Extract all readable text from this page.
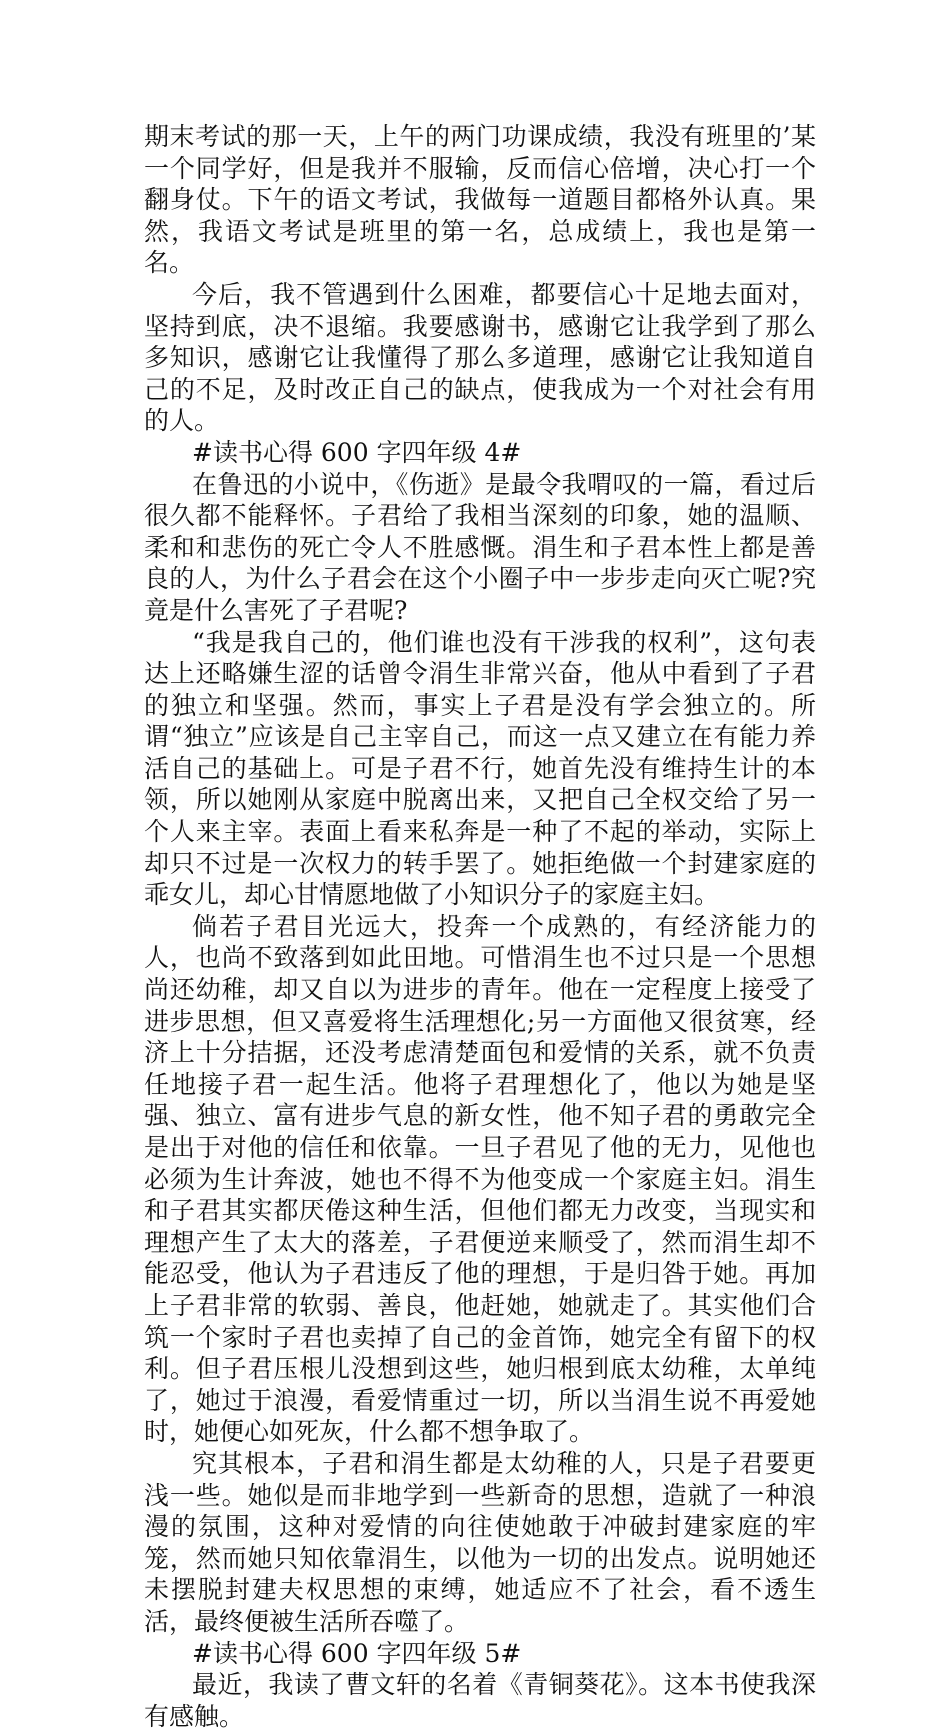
期末考试的那一天，上午的两门功课成绩，我没有班里的’某一个同学好，但是我并不服输，反而信心倍增，决心打一个翻身仗。下午的语文考试，我做每一道题目都格外认真。果然，我语文考试是班里的第一名，总成绩上，我也是第一名。

今后，我不管遇到什么困难，都要信心十足地去面对，坚持到底，决不退缩。我要感谢书，感谢它让我学到了那么多知识，感谢它让我懂得了那么多道理，感谢它让我知道自己的不足，及时改正自己的缺点，使我成为一个对社会有用的人。

#读书心得 600 字四年级 4#

在鲁迅的小说中，《伤逝》是最令我喟叹的一篇，看过后很久都不能释怀。子君给了我相当深刻的印象，她的温顺、柔和和悲伤的死亡令人不胜感慨。涓生和子君本性上都是善良的人，为什么子君会在这个小圈子中一步步走向灭亡呢?究竟是什么害死了子君呢?

“我是我自己的，他们谁也没有干涉我的权利”，这句表达上还略嫌生涩的话曾令涓生非常兴奋，他从中看到了子君的独立和坚强。然而，事实上子君是没有学会独立的。所谓“独立”应该是自己主宰自己，而这一点又建立在有能力养活自己的基础上。可是子君不行，她首先没有维持生计的本领，所以她刚从家庭中脱离出来，又把自己全权交给了另一个人来主宰。表面上看来私奔是一种了不起的举动，实际上却只不过是一次权力的转手罢了。她拒绝做一个封建家庭的乖女儿，却心甘情愿地做了小知识分子的家庭主妇。

倘若子君目光远大，投奔一个成熟的，有经济能力的人，也尚不致落到如此田地。可惜涓生也不过只是一个思想尚还幼稚，却又自以为进步的青年。他在一定程度上接受了进步思想，但又喜爱将生活理想化;另一方面他又很贫寒，经济上十分拮据，还没考虑清楚面包和爱情的关系，就不负责任地接子君一起生活。他将子君理想化了，他以为她是坚强、独立、富有进步气息的新女性，他不知子君的勇敢完全是出于对他的信任和依靠。一旦子君见了他的无力，见他也必须为生计奔波，她也不得不为他变成一个家庭主妇。涓生和子君其实都厌倦这种生活，但他们都无力改变，当现实和理想产生了太大的落差，子君便逆来顺受了，然而涓生却不能忍受，他认为子君违反了他的理想，于是归咎于她。再加上子君非常的软弱、善良，他赶她，她就走了。其实他们合筑一个家时子君也卖掉了自己的金首饰，她完全有留下的权利。但子君压根儿没想到这些，她归根到底太幼稚，太单纯了，她过于浪漫，看爱情重过一切，所以当涓生说不再爱她时，她便心如死灰，什么都不想争取了。

究其根本，子君和涓生都是太幼稚的人，只是子君要更浅一些。她似是而非地学到一些新奇的思想，造就了一种浪漫的氛围，这种对爱情的向往使她敢于冲破封建家庭的牢笼，然而她只知依靠涓生，以他为一切的出发点。说明她还未摆脱封建夫权思想的束缚，她适应不了社会，看不透生活，最终便被生活所吞噬了。

#读书心得 600 字四年级 5#

最近，我读了曹文轩的名着《青铜葵花》。这本书使我深有感触。
